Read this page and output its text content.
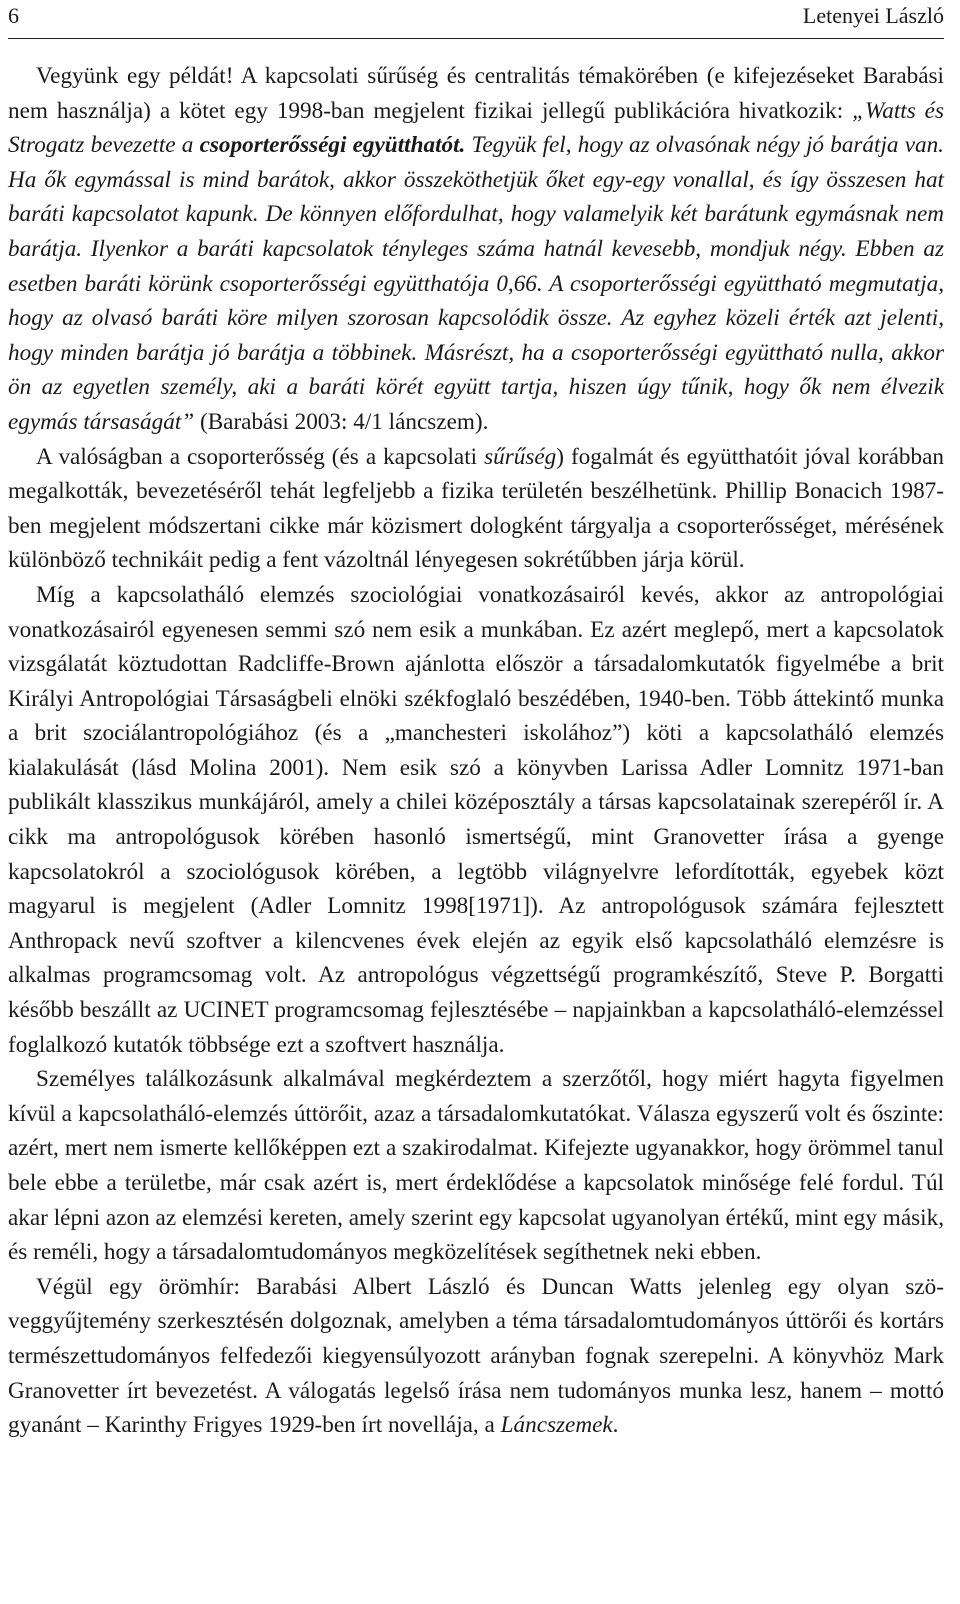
6	Letenyei László

Vegyünk egy példát! A kapcsolati sűrűség és centralitás témakörében (e kifejezéseket Barabási nem használja) a kötet egy 1998-ban megjelent fizikai jellegű publikációra hivatkozik: „Watts és Strogatz bevezette a csoporterősségi együtthatót. Tegyük fel, hogy az olvasónak négy jó barátja van. Ha ők egymással is mind barátok, akkor összeköthetjük őket egy-egy vonallal, és így összesen hat baráti kapcsolatot kapunk. De könnyen előfordulhat, hogy valamelyik két barátunk egymásnak nem barátja. Ilyenkor a baráti kapcsolatok tényleges száma hatnál kevesebb, mondjuk négy. Ebben az esetben baráti körünk csoporterősségi együtthatója 0,66. A csoporterősségi együttható megmutatja, hogy az olvasó baráti köre milyen szorosan kapcsolódik össze. Az egyhez közeli érték azt jelenti, hogy minden barátja jó barátja a többinek. Másrészt, ha a csoporterősségi együttható nulla, akkor ön az egyetlen személy, aki a baráti körét együtt tartja, hiszen úgy tűnik, hogy ők nem élvezik egymás társaságát” (Barabási 2003: 4/1 láncszem).

A valóságban a csoporterősség (és a kapcsolati sűrűség) fogalmát és együtthatóit jóval korábban megalkották, bevezetéséről tehát legfeljebb a fizika területén beszélhetünk. Phillip Bonacich 1987-ben megjelent módszertani cikke már közismert dologként tárgyalja a csoporterősséget, mérésének különböző technikáit pedig a fent vázoltnál lényegesen sokrétűbben járja körül.

Míg a kapcsolatháló elemzés szociológiai vonatkozásairól kevés, akkor az antropológiai vonatkozásairól egyenesen semmi szó nem esik a munkában. Ez azért meglepő, mert a kapcsolatok vizsgálatát köztudottan Radcliffe-Brown ajánlotta először a társadalomkutatók figyelmébe a brit Királyi Antropológiai Társaságbeli elnöki székfoglaló beszédében, 1940-ben. Több áttekintő munka a brit szociálantropológiához (és a „manchesteri iskolához”) köti a kapcsolatháló elemzés kialakulását (lásd Molina 2001). Nem esik szó a könyvben Larissa Adler Lomnitz 1971-ban publikált klasszikus munkájáról, amely a chilei középosztály a társas kapcsolatainak szerepéről ír. A cikk ma antropológusok körében hasonló ismertségű, mint Granovetter írása a gyenge kapcsolatokról a szociológusok körében, a legtöbb világnyelvre lefordították, egyebek közt magyarul is megjelent (Adler Lomnitz 1998[1971]). Az antropológusok számára fejlesztett Anthropack nevű szoftver a kilencvenes évek elején az egyik első kapcsolatháló elemzésre is alkalmas programcsomag volt. Az antropológus végzettségű programkészítő, Steve P. Borgatti később beszállt az UCINET programcsomag fejlesztésébe – napjainkban a kapcsolatháló-elemzéssel foglalkozó kutatók többsége ezt a szoftvert használja.

Személyes találkozásunk alkalmával megkérdeztem a szerzőtől, hogy miért hagyta figyelmen kívül a kapcsolatháló-elemzés úttörőit, azaz a társadalomkutatókat. Válasza egyszerű volt és őszinte: azért, mert nem ismerte kellőképpen ezt a szakirodalmat. Kifejezte ugyanakkor, hogy örömmel tanul bele ebbe a területbe, már csak azért is, mert érdeklődése a kapcsolatok minősége felé fordul. Túl akar lépni azon az elemzési kereten, amely szerint egy kapcsolat ugyanolyan értékű, mint egy másik, és reméli, hogy a társadalomtudományos megközelítések segíthetnek neki ebben.

Végül egy örömhír: Barabási Albert László és Duncan Watts jelenleg egy olyan szöveggyűjtemény szerkesztésén dolgoznak, amelyben a téma társadalomtudományos úttörői és kortárs természettudományos felfedezői kiegyensúlyozott arányban fognak szerepelni. A könyvhöz Mark Granovetter írt bevezetést. A válogatás legelső írása nem tudományos munka lesz, hanem – mottó gyanánt – Karinthy Frigyes 1929-ben írt novellája, a Láncszemek.
